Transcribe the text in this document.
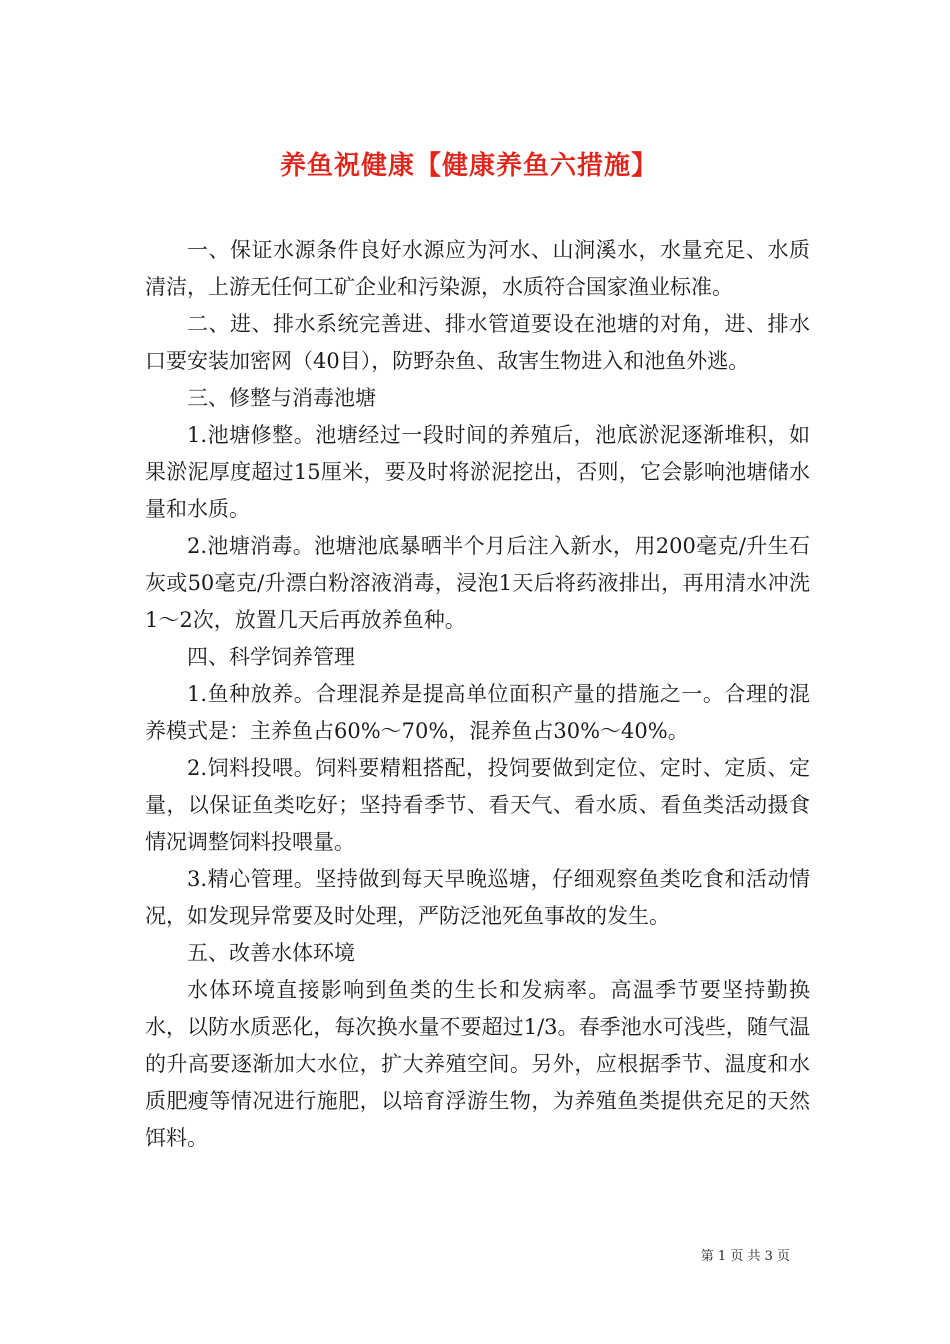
养鱼祝健康【健康养鱼六措施】

一、保证水源条件良好水源应为河水、山涧溪水，水量充足、水质清洁，上游无任何工矿企业和污染源，水质符合国家渔业标准。

二、进、排水系统完善进、排水管道要设在池塘的对角，进、排水口要安装加密网（40目），防野杂鱼、敌害生物进入和池鱼外逃。

三、修整与消毒池塘

1.池塘修整。池塘经过一段时间的养殖后，池底淤泥逐渐堆积，如果淤泥厚度超过15厘米，要及时将淤泥挖出，否则，它会影响池塘储水量和水质。

2.池塘消毒。池塘池底暴晒半个月后注入新水，用200毫克/升生石灰或50毫克/升漂白粉溶液消毒，浸泡1天后将药液排出，再用清水冲洗1～2次，放置几天后再放养鱼种。

四、科学饲养管理

1.鱼种放养。合理混养是提高单位面积产量的措施之一。合理的混养模式是：主养鱼占60%～70%，混养鱼占30%～40%。

2.饲料投喂。饲料要精粗搭配，投饲要做到定位、定时、定质、定量，以保证鱼类吃好；坚持看季节、看天气、看水质、看鱼类活动摄食情况调整饲料投喂量。

3.精心管理。坚持做到每天早晚巡塘，仔细观察鱼类吃食和活动情况，如发现异常要及时处理，严防泛池死鱼事故的发生。

五、改善水体环境

水体环境直接影响到鱼类的生长和发病率。高温季节要坚持勤换水，以防水质恶化，每次换水量不要超过1/3。春季池水可浅些，随气温的升高要逐渐加大水位，扩大养殖空间。另外，应根据季节、温度和水质肥瘦等情况进行施肥，以培育浮游生物，为养殖鱼类提供充足的天然饵料。

第 1 页 共 3 页
